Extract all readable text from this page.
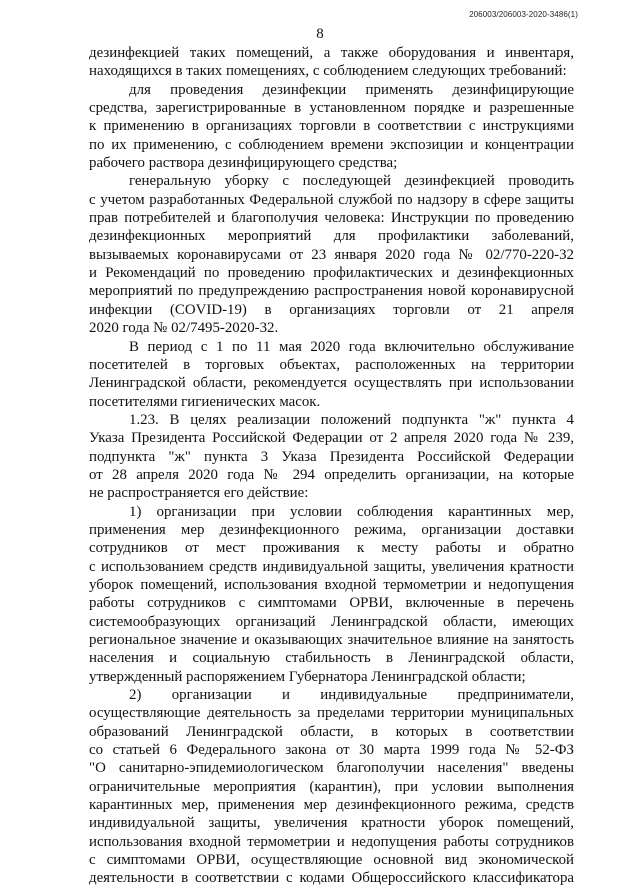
206003/206003-2020-3486(1)
8
дезинфекцией таких помещений, а также оборудования и инвентаря,
находящихся в таких помещениях, с соблюдением следующих требований:
для проведения дезинфекции применять дезинфицирующие
средства, зарегистрированные в установленном порядке и разрешенные
к применению в организациях торговли в соответствии с инструкциями
по их применению, с соблюдением времени экспозиции и концентрации
рабочего раствора дезинфицирующего средства;
генеральную уборку с последующей дезинфекцией проводить
с учетом разработанных Федеральной службой по надзору в сфере защиты
прав потребителей и благополучия человека: Инструкции по проведению
дезинфекционных мероприятий для профилактики заболеваний,
вызываемых коронавирусами от 23 января 2020 года № 02/770-220-32
и Рекомендаций по проведению профилактических и дезинфекционных
мероприятий по предупреждению распространения новой коронавирусной
инфекции (COVID-19) в организациях торговли от 21 апреля
2020 года № 02/7495-2020-32.
В период с 1 по 11 мая 2020 года включительно обслуживание
посетителей в торговых объектах, расположенных на территории
Ленинградской области, рекомендуется осуществлять при использовании
посетителями гигиенических масок.
1.23. В целях реализации положений подпункта "ж" пункта 4
Указа Президента Российской Федерации от 2 апреля 2020 года № 239,
подпункта "ж" пункта 3 Указа Президента Российской Федерации
от 28 апреля 2020 года № 294 определить организации, на которые
не распространяется его действие:
1) организации при условии соблюдения карантинных мер,
применения мер дезинфекционного режима, организации доставки
сотрудников от мест проживания к месту работы и обратно
с использованием средств индивидуальной защиты, увеличения кратности
уборок помещений, использования входной термометрии и недопущения
работы сотрудников с симптомами ОРВИ, включенные в перечень
системообразующих организаций Ленинградской области, имеющих
региональное значение и оказывающих значительное влияние на занятость
населения и социальную стабильность в Ленинградской области,
утвержденный распоряжением Губернатора Ленинградской области;
2) организации и индивидуальные предприниматели,
осуществляющие деятельность за пределами территории муниципальных
образований Ленинградской области, в которых в соответствии
со статьей 6 Федерального закона от 30 марта 1999 года № 52-ФЗ
"О санитарно-эпидемиологическом благополучии населения" введены
ограничительные мероприятия (карантин), при условии выполнения
карантинных мер, применения мер дезинфекционного режима, средств
индивидуальной защиты, увеличения кратности уборок помещений,
использования входной термометрии и недопущения работы сотрудников
с симптомами ОРВИ, осуществляющие основной вид экономической
деятельности в соответствии с кодами Общероссийского классификатора
